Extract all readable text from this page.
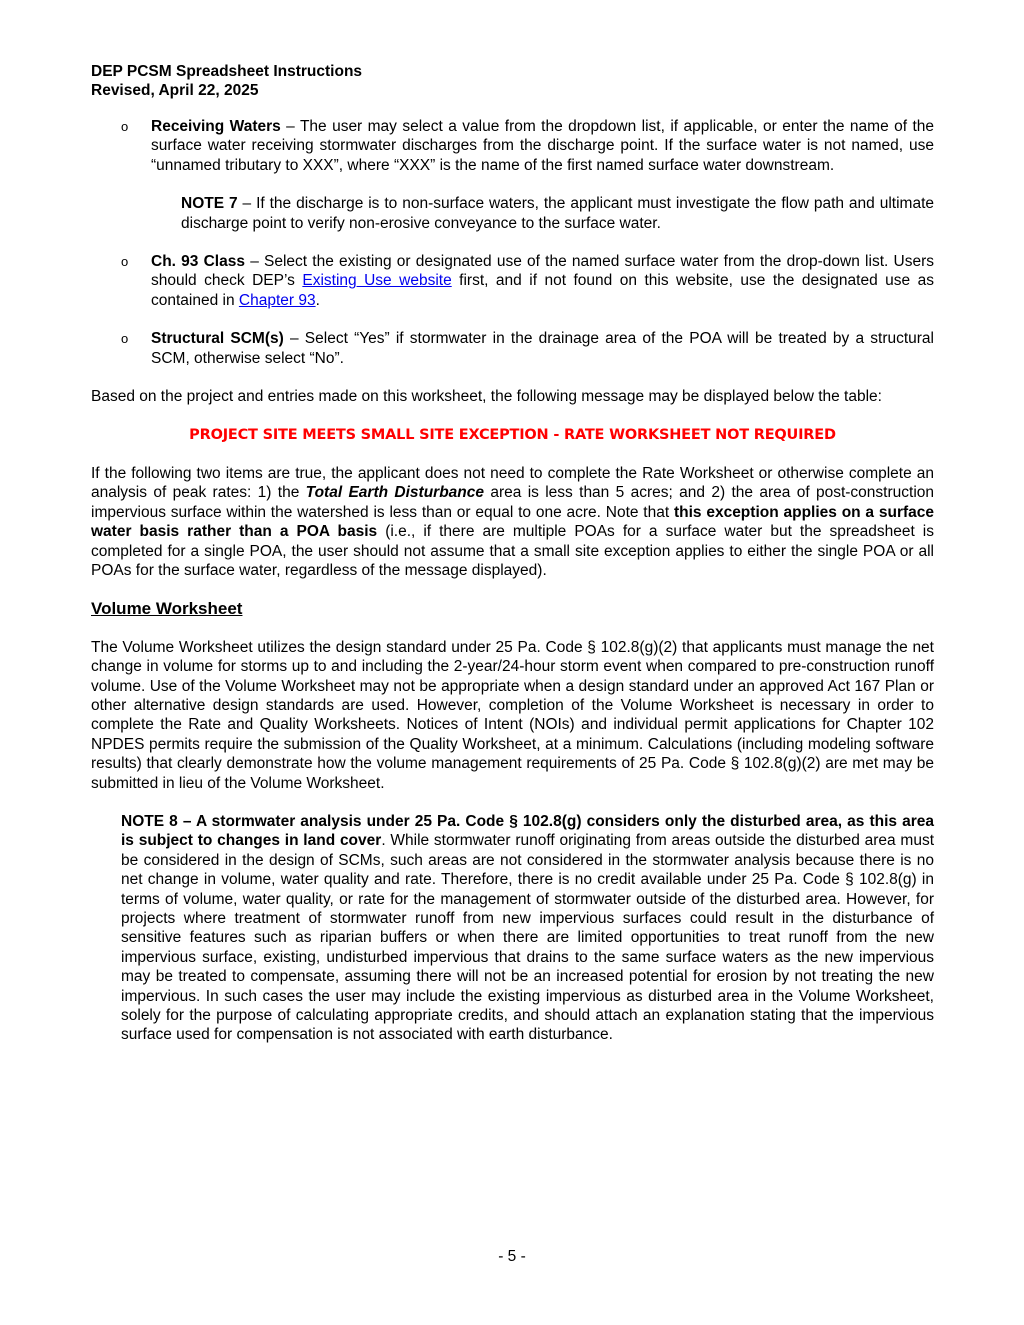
DEP PCSM Spreadsheet Instructions
Revised, April 22, 2025
o Receiving Waters – The user may select a value from the dropdown list, if applicable, or enter the name of the surface water receiving stormwater discharges from the discharge point. If the surface water is not named, use “unnamed tributary to XXX”, where “XXX” is the name of the first named surface water downstream.
NOTE 7 – If the discharge is to non-surface waters, the applicant must investigate the flow path and ultimate discharge point to verify non-erosive conveyance to the surface water.
o Ch. 93 Class – Select the existing or designated use of the named surface water from the drop-down list. Users should check DEP’s Existing Use website first, and if not found on this website, use the designated use as contained in Chapter 93.
o Structural SCM(s) – Select “Yes” if stormwater in the drainage area of the POA will be treated by a structural SCM, otherwise select “No”.

Based on the project and entries made on this worksheet, the following message may be displayed below the table:

PROJECT SITE MEETS SMALL SITE EXCEPTION - RATE WORKSHEET NOT REQUIRED

If the following two items are true, the applicant does not need to complete the Rate Worksheet or otherwise complete an analysis of peak rates: 1) the Total Earth Disturbance area is less than 5 acres; and 2) the area of post-construction impervious surface within the watershed is less than or equal to one acre. Note that this exception applies on a surface water basis rather than a POA basis (i.e., if there are multiple POAs for a surface water but the spreadsheet is completed for a single POA, the user should not assume that a small site exception applies to either the single POA or all POAs for the surface water, regardless of the message displayed).

Volume Worksheet

The Volume Worksheet utilizes the design standard under 25 Pa. Code § 102.8(g)(2) that applicants must manage the net change in volume for storms up to and including the 2-year/24-hour storm event when compared to pre-construction runoff volume. Use of the Volume Worksheet may not be appropriate when a design standard under an approved Act 167 Plan or other alternative design standards are used. However, completion of the Volume Worksheet is necessary in order to complete the Rate and Quality Worksheets. Notices of Intent (NOIs) and individual permit applications for Chapter 102 NPDES permits require the submission of the Quality Worksheet, at a minimum. Calculations (including modeling software results) that clearly demonstrate how the volume management requirements of 25 Pa. Code § 102.8(g)(2) are met may be submitted in lieu of the Volume Worksheet.

NOTE 8 – A stormwater analysis under 25 Pa. Code § 102.8(g) considers only the disturbed area, as this area is subject to changes in land cover. While stormwater runoff originating from areas outside the disturbed area must be considered in the design of SCMs, such areas are not considered in the stormwater analysis because there is no net change in volume, water quality and rate. Therefore, there is no credit available under 25 Pa. Code § 102.8(g) in terms of volume, water quality, or rate for the management of stormwater outside of the disturbed area. However, for projects where treatment of stormwater runoff from new impervious surfaces could result in the disturbance of sensitive features such as riparian buffers or when there are limited opportunities to treat runoff from the new impervious surface, existing, undisturbed impervious that drains to the same surface waters as the new impervious may be treated to compensate, assuming there will not be an increased potential for erosion by not treating the new impervious. In such cases the user may include the existing impervious as disturbed area in the Volume Worksheet, solely for the purpose of calculating appropriate credits, and should attach an explanation stating that the impervious surface used for compensation is not associated with earth disturbance.
- 5 -
